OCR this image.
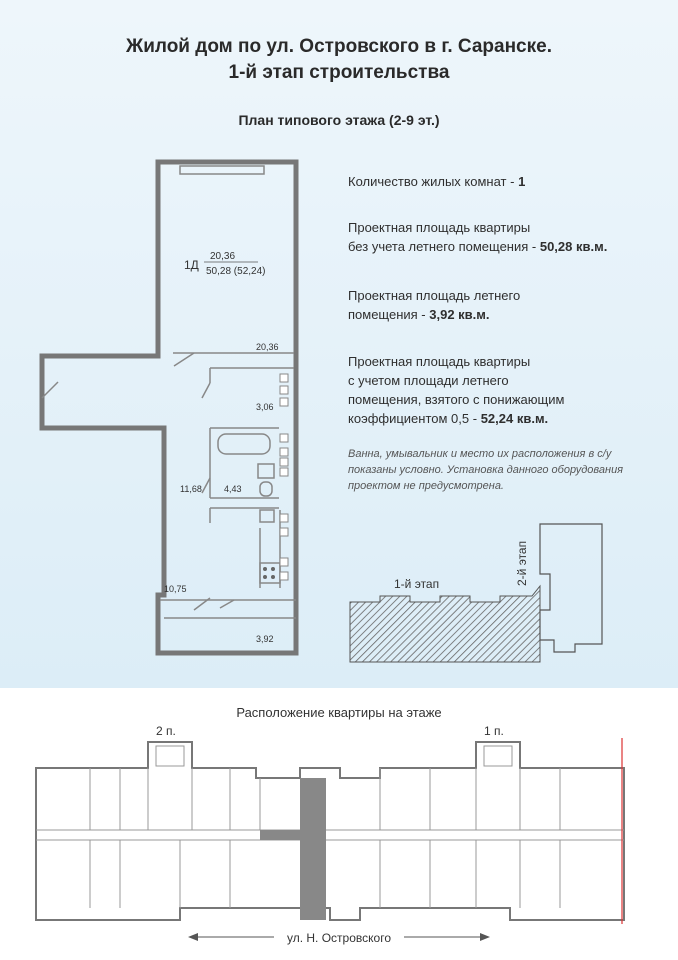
Жилой дом по ул. Островского в г. Саранске.
1-й этап строительства
План типового этажа (2-9 эт.)
1Д
20,36
50,28 (52,24)
20,36
3,06
11,68 4,43
10,75
3,92
Количество жилых комнат - 1
Проектная площадь квартиры
без учета летнего помещения - 50,28 кв.м.
Проектная площадь летнего
помещения - 3,92 кв.м.
Проектная площадь квартиры
с учетом площади летнего
помещения, взятого с понижающим
коэффициентом 0,5 - 52,24 кв.м.
Ванна, умывальник и место их расположения в с/у показаны условно. Установка данного оборудования проектом не предусмотрена.
1-й этап	2-й этап
Расположение квартиры на этаже
2 п.	1 п.
ул. Н. Островского
